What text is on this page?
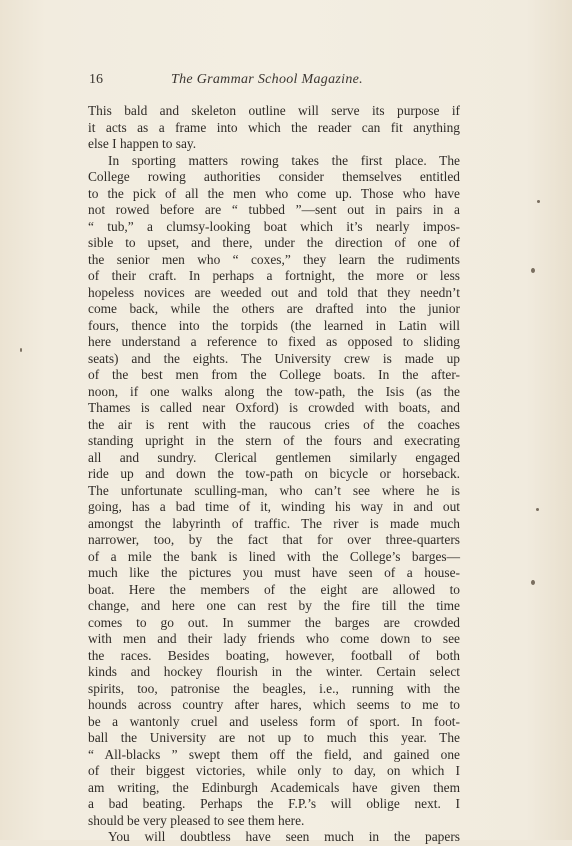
16	The Grammar School Magazine.
This bald and skeleton outline will serve its purpose if
it acts as a frame into which the reader can fit anything
else I happen to say.
In sporting matters rowing takes the first place. The
College rowing authorities consider themselves entitled
to the pick of all the men who come up. Those who have
not rowed before are “ tubbed ”—sent out in pairs in a
“ tub,” a clumsy-looking boat which it’s nearly impos-
sible to upset, and there, under the direction of one of
the senior men who “ coxes,” they learn the rudiments
of their craft. In perhaps a fortnight, the more or less
hopeless novices are weeded out and told that they needn’t
come back, while the others are drafted into the junior
fours, thence into the torpids (the learned in Latin will
here understand a reference to fixed as opposed to sliding
seats) and the eights. The University crew is made up
of the best men from the College boats. In the after-
noon, if one walks along the tow-path, the Isis (as the
Thames is called near Oxford) is crowded with boats, and
the air is rent with the raucous cries of the coaches
standing upright in the stern of the fours and execrating
all and sundry. Clerical gentlemen similarly engaged
ride up and down the tow-path on bicycle or horseback.
The unfortunate sculling-man, who can’t see where he is
going, has a bad time of it, winding his way in and out
amongst the labyrinth of traffic. The river is made much
narrower, too, by the fact that for over three-quarters
of a mile the bank is lined with the College’s barges—
much like the pictures you must have seen of a house-
boat. Here the members of the eight are allowed to
change, and here one can rest by the fire till the time
comes to go out. In summer the barges are crowded
with men and their lady friends who come down to see
the races. Besides boating, however, football of both
kinds and hockey flourish in the winter. Certain select
spirits, too, patronise the beagles, i.e., running with the
hounds across country after hares, which seems to me to
be a wantonly cruel and useless form of sport. In foot-
ball the University are not up to much this year. The
“ All-blacks ” swept them off the field, and gained one
of their biggest victories, while only to day, on which I
am writing, the Edinburgh Academicals have given them
a bad beating. Perhaps the F.P.’s will oblige next. I
should be very pleased to see them here.
You will doubtless have seen much in the papers
